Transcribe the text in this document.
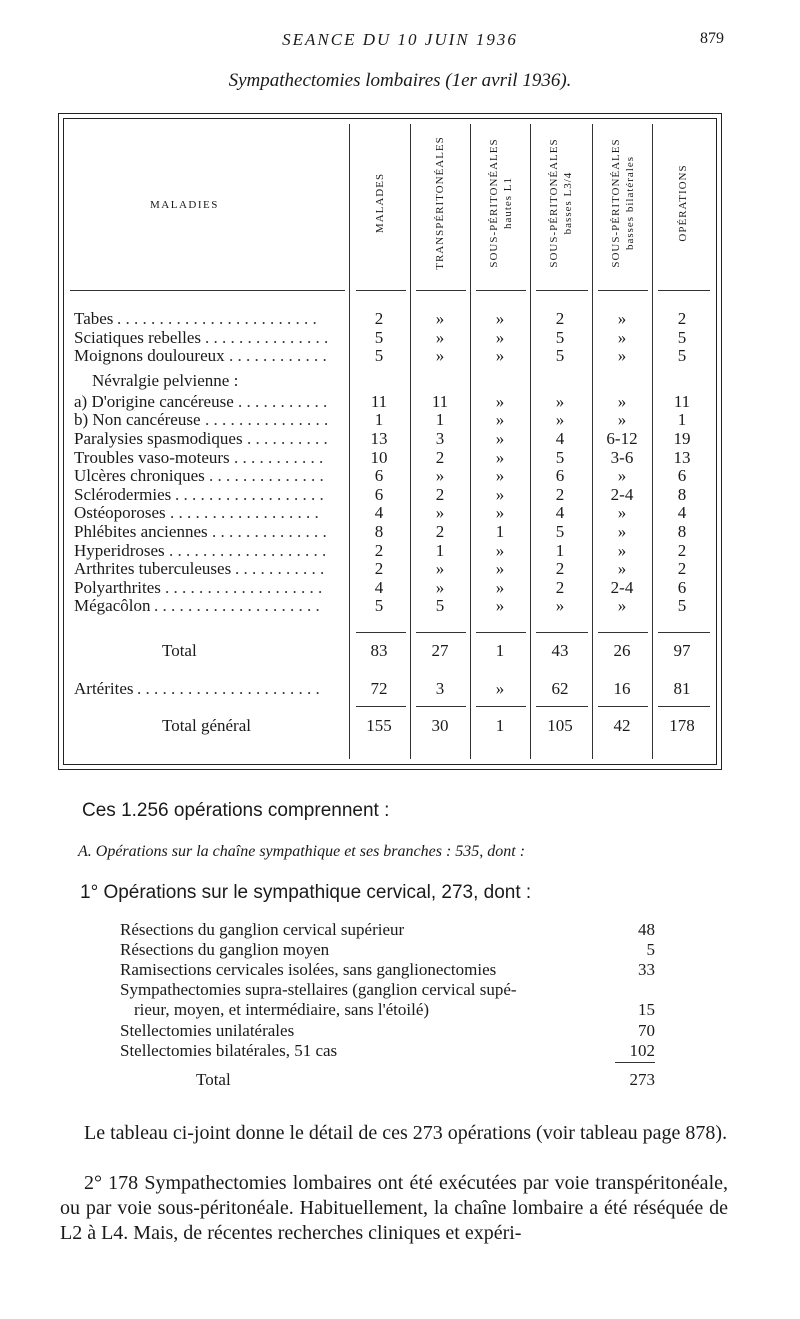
SEANCE DU 10 JUIN 1936	879
Sympathectomies lombaires (1er avril 1936).
MALADIES	MALADES	TRANSPÉRITONÉALES	SOUS-PÉRITONÉALES hautes L1	SOUS-PÉRITONÉALES basses L3/4	SOUS-PÉRITONÉALES basses bilatérales	OPÉRATIONS
Tabes . . . . . . . . . . . . . . . . . . . . . . . .	2	»	»	2	»	2
Sciatiques rebelles . . . . . . . . . . . . . . .	5	»	»	5	»	5
Moignons douloureux . . . . . . . . . . . .	5	»	»	5	»	5
Névralgie pelvienne :
a) D'origine cancéreuse . . . . . . . . . . .	11	11	»	»	»	11
b) Non cancéreuse . . . . . . . . . . . . . . .	1	1	»	»	»	1
Paralysies spasmodiques . . . . . . . . . .	13	3	»	4	6-12	19
Troubles vaso-moteurs . . . . . . . . . . .	10	2	»	5	3-6	13
Ulcères chroniques . . . . . . . . . . . . . .	6	»	»	6	»	6
Sclérodermies . . . . . . . . . . . . . . . . . .	6	2	»	2	2-4	8
Ostéoporoses . . . . . . . . . . . . . . . . . .	4	»	»	4	»	4
Phlébites anciennes . . . . . . . . . . . . . .	8	2	1	5	»	8
Hyperidroses . . . . . . . . . . . . . . . . . . .	2	1	»	1	»	2
Arthrites tuberculeuses . . . . . . . . . . .	2	»	»	2	»	2
Polyarthrites . . . . . . . . . . . . . . . . . . .	4	»	»	2	2-4	6
Mégacôlon . . . . . . . . . . . . . . . . . . . .	5	5	»	»	»	5
Total	83	27	1	43	26	97
Artérites . . . . . . . . . . . . . . . . . . . . . .	72	3	»	62	16	81
Total général	155	30	1	105	42	178
Ces 1.256 opérations comprennent :
A. Opérations sur la chaîne sympathique et ses branches : 535, dont :
1° Opérations sur le sympathique cervical, 273, dont :
Résections du ganglion cervical supérieur	48
Résections du ganglion moyen	5
Ramisections cervicales isolées, sans ganglionectomies	33
Sympathectomies supra-stellaires (ganglion cervical supé-
rieur, moyen, et intermédiaire, sans l'étoilé)	15
Stellectomies unilatérales	70
Stellectomies bilatérales, 51 cas	102
Total	273
Le tableau ci-joint donne le détail de ces 273 opérations (voir tableau page 878).
2° 178 Sympathectomies lombaires ont été exécutées par voie transpéritonéale, ou par voie sous-péritonéale. Habituellement, la chaîne lombaire a été réséquée de L2 à L4. Mais, de récentes recherches cliniques et expéri-
